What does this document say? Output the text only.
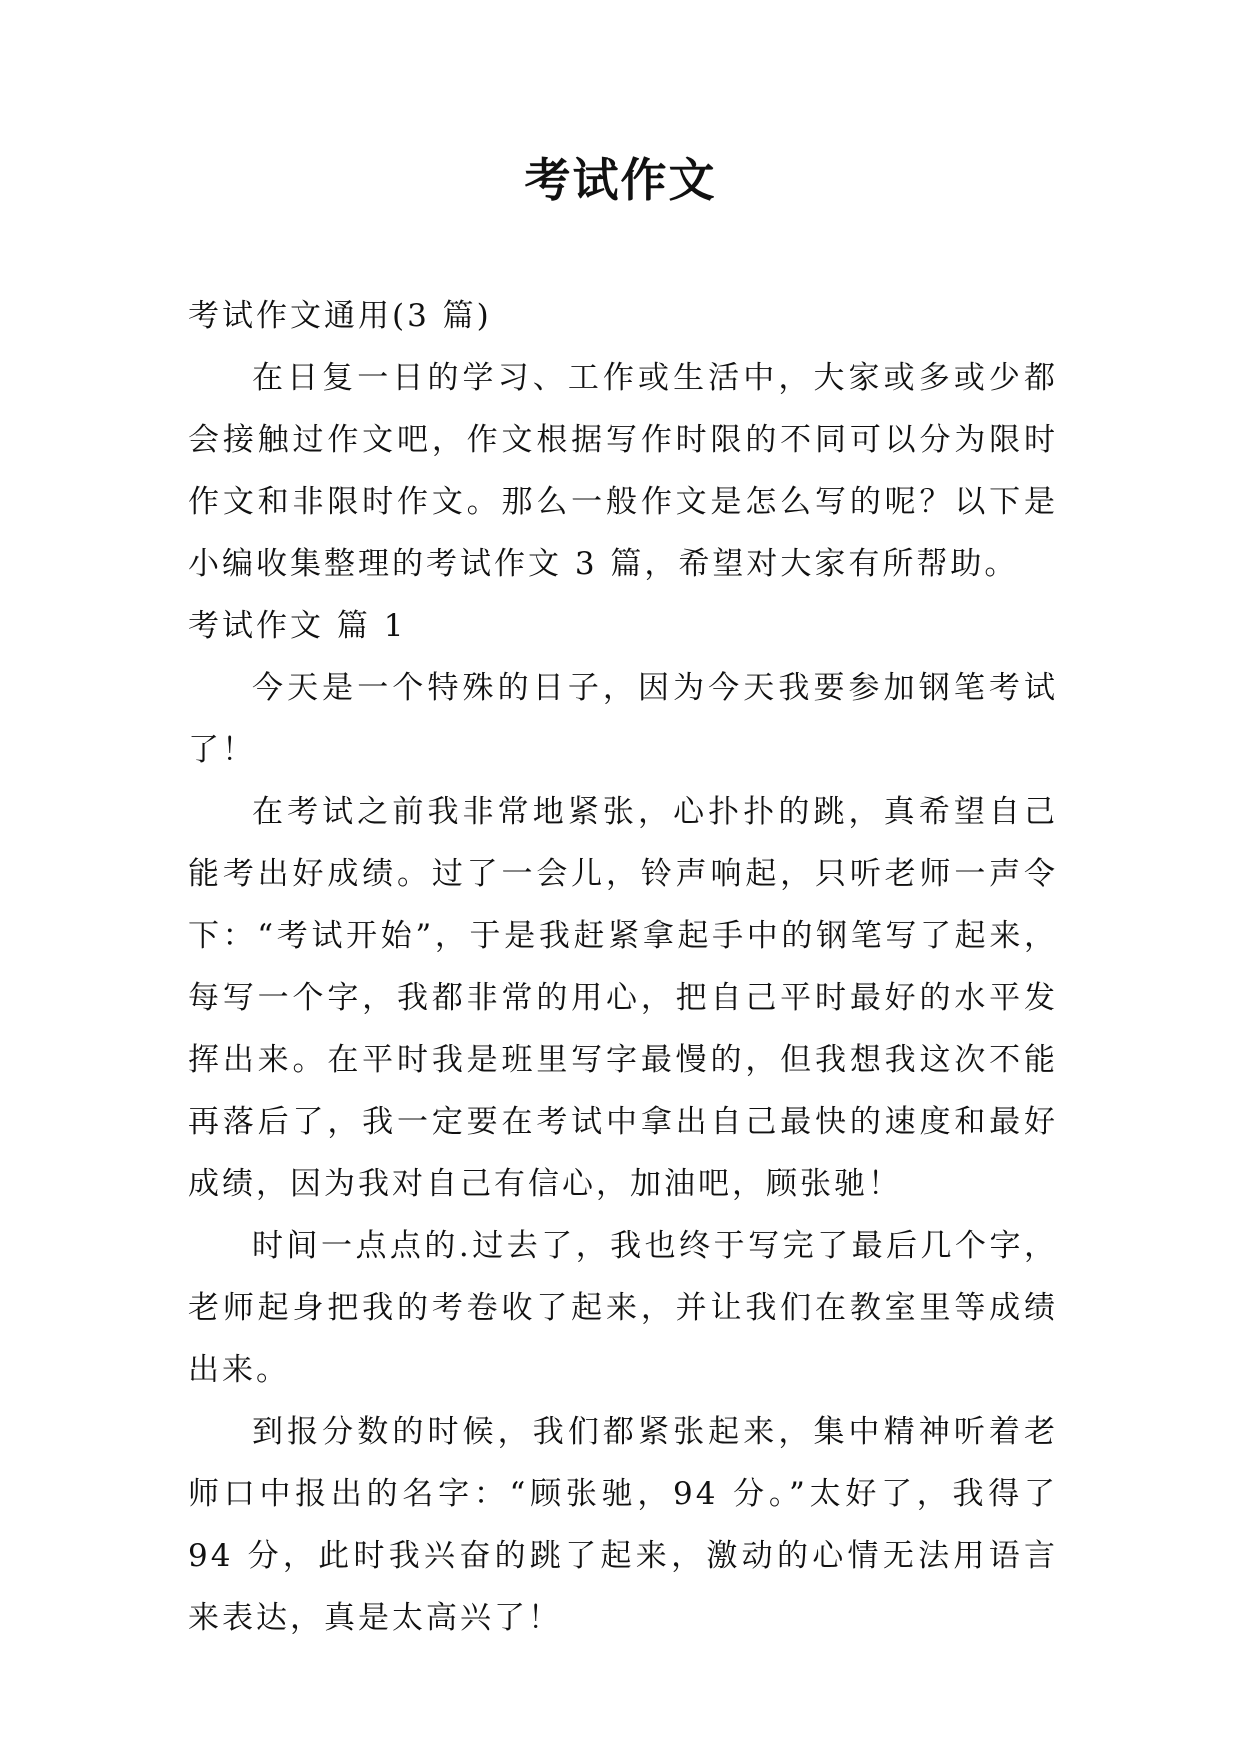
考试作文

考试作文通用(3 篇)

在日复一日的学习、工作或生活中，大家或多或少都会接触过作文吧，作文根据写作时限的不同可以分为限时作文和非限时作文。那么一般作文是怎么写的呢？以下是小编收集整理的考试作文 3 篇，希望对大家有所帮助。

考试作文 篇 1

今天是一个特殊的日子，因为今天我要参加钢笔考试了！

在考试之前我非常地紧张，心扑扑的跳，真希望自己能考出好成绩。过了一会儿，铃声响起，只听老师一声令下：“考试开始”，于是我赶紧拿起手中的钢笔写了起来，每写一个字，我都非常的用心，把自己平时最好的水平发挥出来。在平时我是班里写字最慢的，但我想我这次不能再落后了，我一定要在考试中拿出自己最快的速度和最好成绩，因为我对自己有信心，加油吧，顾张驰！

时间一点点的.过去了，我也终于写完了最后几个字，老师起身把我的考卷收了起来，并让我们在教室里等成绩出来。

到报分数的时候，我们都紧张起来，集中精神听着老师口中报出的名字：“顾张驰，94 分。”太好了，我得了 94 分，此时我兴奋的跳了起来，激动的心情无法用语言来表达，真是太高兴了！
